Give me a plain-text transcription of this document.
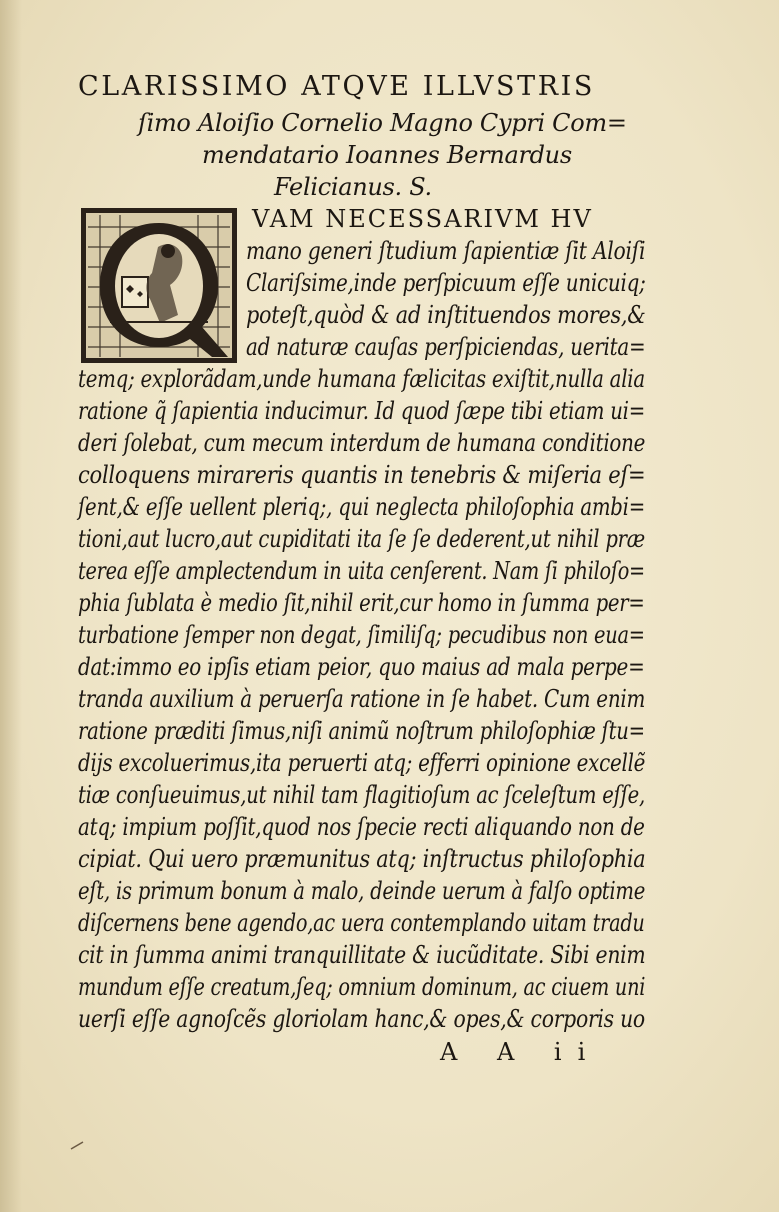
CLARISSIMO ATQVE ILLVSTRIS
ſimo Aloiſio Cornelio Magno Cypri Com=
mendatario Ioannes Bernardus
Felicianus. S.
VAM NECESSARIVM HV
mano generi ſtudium ſapientiæ ſit Aloiſi
Clariſsime,inde perſpicuum eſſe unicuiq;
poteſt,quòd & ad inſtituendos mores,&
ad naturæ cauſas perſpiciendas, uerita=
temq; explorãdam,unde humana fælicitas exiſtit,nulla alia
ratione q̃ ſapientia inducimur. Id quod ſæpe tibi etiam ui=
deri ſolebat, cum mecum interdum de humana conditione
colloquens mirareris quantis in tenebris & miſeria eſ=
ſent,& eſſe uellent pleriq;, qui neglecta philoſophia ambi=
tioni,aut lucro,aut cupiditati ita ſe ſe dederent,ut nihil præ
terea eſſe amplectendum in uita cenſerent. Nam ſi philoſo=
phia ſublata è medio ſit,nihil erit,cur homo in ſumma per=
turbatione ſemper non degat, ſimiliſq; pecudibus non eua=
dat:immo eo ipſis etiam peior, quo maius ad mala perpe=
tranda auxilium à peruerſa ratione in ſe habet. Cum enim
ratione præditi ſimus,niſi animũ noſtrum philoſophiæ ſtu=
dijs excoluerimus,ita peruerti atq; efferri opinione excellẽ
tiæ conſueuimus,ut nihil tam flagitioſum ac ſceleſtum eſſe,
atq; impium poſſit,quod nos ſpecie recti aliquando non de
cipiat. Qui uero præmunitus atq; inſtructus philoſophia
eſt, is primum bonum à malo, deinde uerum à falſo optime
diſcernens bene agendo,ac uera contemplando uitam tradu
cit in ſumma animi tranquillitate & iucũditate. Sibi enim
mundum eſſe creatum,ſeq; omnium dominum, ac ciuem uni
uerſi eſſe agnoſcẽs gloriolam hanc,& opes,& corporis uo
A A ii
